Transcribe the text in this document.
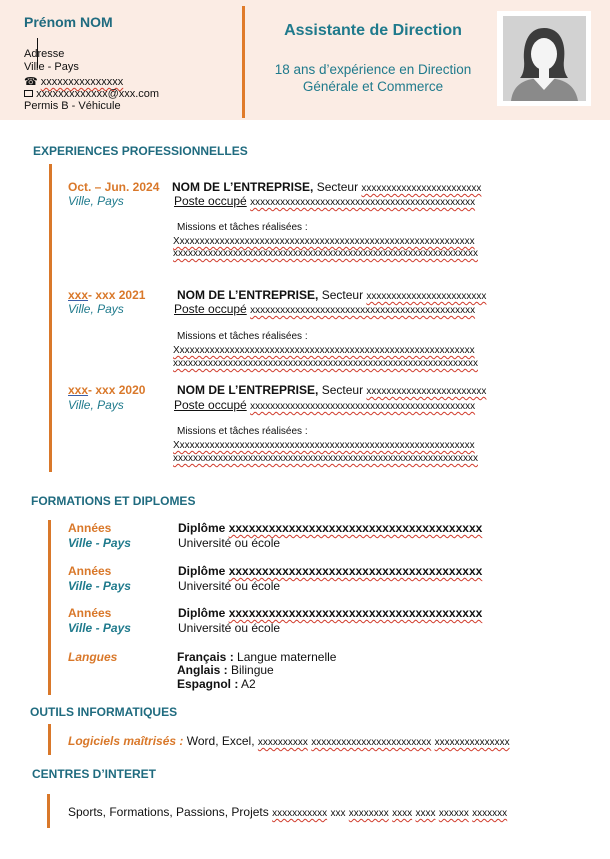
Prénom NOM
Adresse
Ville - Pays
☎ xxxxxxxxxxxxxxx
xxxxxxxxxxxxx@xxx.com
Permis B - Véhicule
Assistante de Direction
18 ans d’expérience en Direction
Générale et Commerce
EXPERIENCES PROFESSIONNELLES
Oct. – Jun. 2024
Ville, Pays
NOM DE L’ENTREPRISE, Secteur xxxxxxxxxxxxxxxxxxxxxxxx
Poste occupé xxxxxxxxxxxxxxxxxxxxxxxxxxxxxxxxxxxxxxxxxxxxx
Missions et tâches réalisées :
Xxxxxxxxxxxxxxxxxxxxxxxxxxxxxxxxxxxxxxxxxxxxxxxxxxxxxxxxxxxx
xxxxxxxxxxxxxxxxxxxxxxxxxxxxxxxxxxxxxxxxxxxxxxxxxxxxxxxxxxxxx
xxx- xxx 2021
Ville, Pays
NOM DE L’ENTREPRISE, Secteur xxxxxxxxxxxxxxxxxxxxxxxx
Poste occupé xxxxxxxxxxxxxxxxxxxxxxxxxxxxxxxxxxxxxxxxxxxxx
Missions et tâches réalisées :
Xxxxxxxxxxxxxxxxxxxxxxxxxxxxxxxxxxxxxxxxxxxxxxxxxxxxxxxxxxxx
xxxxxxxxxxxxxxxxxxxxxxxxxxxxxxxxxxxxxxxxxxxxxxxxxxxxxxxxxxxxx
xxx- xxx 2020
Ville, Pays
NOM DE L’ENTREPRISE, Secteur xxxxxxxxxxxxxxxxxxxxxxxx
Poste occupé xxxxxxxxxxxxxxxxxxxxxxxxxxxxxxxxxxxxxxxxxxxxx
Missions et tâches réalisées :
Xxxxxxxxxxxxxxxxxxxxxxxxxxxxxxxxxxxxxxxxxxxxxxxxxxxxxxxxxxxx
xxxxxxxxxxxxxxxxxxxxxxxxxxxxxxxxxxxxxxxxxxxxxxxxxxxxxxxxxxxxx
FORMATIONS ET DIPLOMES
Années
Ville - Pays
Diplôme xxxxxxxxxxxxxxxxxxxxxxxxxxxxxxxxxxxxxx
Université ou école
Années
Ville - Pays
Diplôme xxxxxxxxxxxxxxxxxxxxxxxxxxxxxxxxxxxxxx
Université ou école
Années
Ville - Pays
Diplôme xxxxxxxxxxxxxxxxxxxxxxxxxxxxxxxxxxxxxx
Université ou école
Langues	Français : Langue maternelle
Anglais : Bilingue
Espagnol : A2
OUTILS INFORMATIQUES
Logiciels maîtrisés : Word, Excel, xxxxxxxxxx xxxxxxxxxxxxxxxxxxxxxxxx xxxxxxxxxxxxxxx
CENTRES D’INTERET
Sports, Formations, Passions, Projets xxxxxxxxxxx xxx xxxxxxxx xxxx xxxx xxxxxx xxxxxxx
